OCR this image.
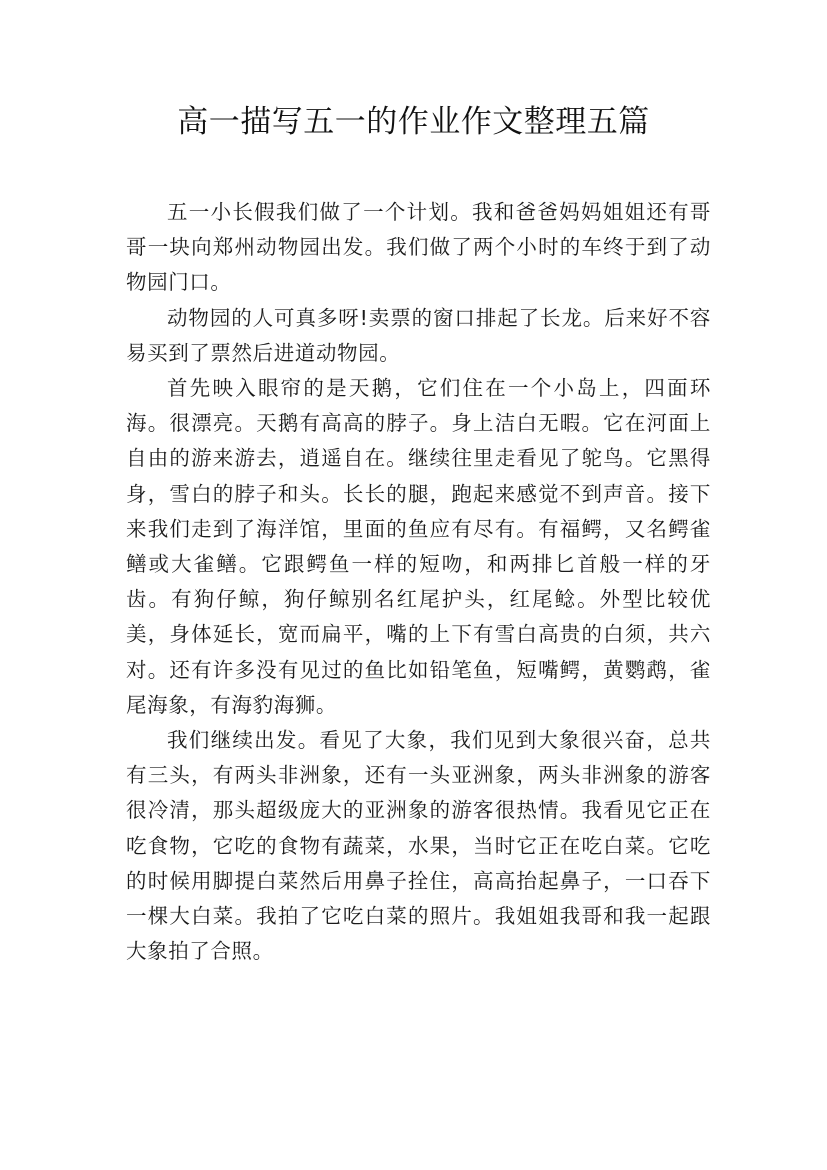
高一描写五一的作业作文整理五篇

五一小长假我们做了一个计划。我和爸爸妈妈姐姐还有哥哥一块向郑州动物园出发。我们做了两个小时的车终于到了动物园门口。

动物园的人可真多呀!卖票的窗口排起了长龙。后来好不容易买到了票然后进道动物园。

首先映入眼帘的是天鹅，它们住在一个小岛上，四面环海。很漂亮。天鹅有高高的脖子。身上洁白无暇。它在河面上自由的游来游去，逍遥自在。继续往里走看见了鸵鸟。它黑得身，雪白的脖子和头。长长的腿，跑起来感觉不到声音。接下来我们走到了海洋馆，里面的鱼应有尽有。有福鳄，又名鳄雀鳝或大雀鳝。它跟鳄鱼一样的短吻，和两排匕首般一样的牙齿。有狗仔鲸，狗仔鲸别名红尾护头，红尾鲶。外型比较优美，身体延长，宽而扁平，嘴的上下有雪白高贵的白须，共六对。还有许多没有见过的鱼比如铅笔鱼，短嘴鳄，黄鹦鹉，雀尾海象，有海豹海狮。

我们继续出发。看见了大象，我们见到大象很兴奋，总共有三头，有两头非洲象，还有一头亚洲象，两头非洲象的游客很冷清，那头超级庞大的亚洲象的游客很热情。我看见它正在吃食物，它吃的食物有蔬菜，水果，当时它正在吃白菜。它吃的时候用脚提白菜然后用鼻子拴住，高高抬起鼻子，一口吞下一棵大白菜。我拍了它吃白菜的照片。我姐姐我哥和我一起跟大象拍了合照。
